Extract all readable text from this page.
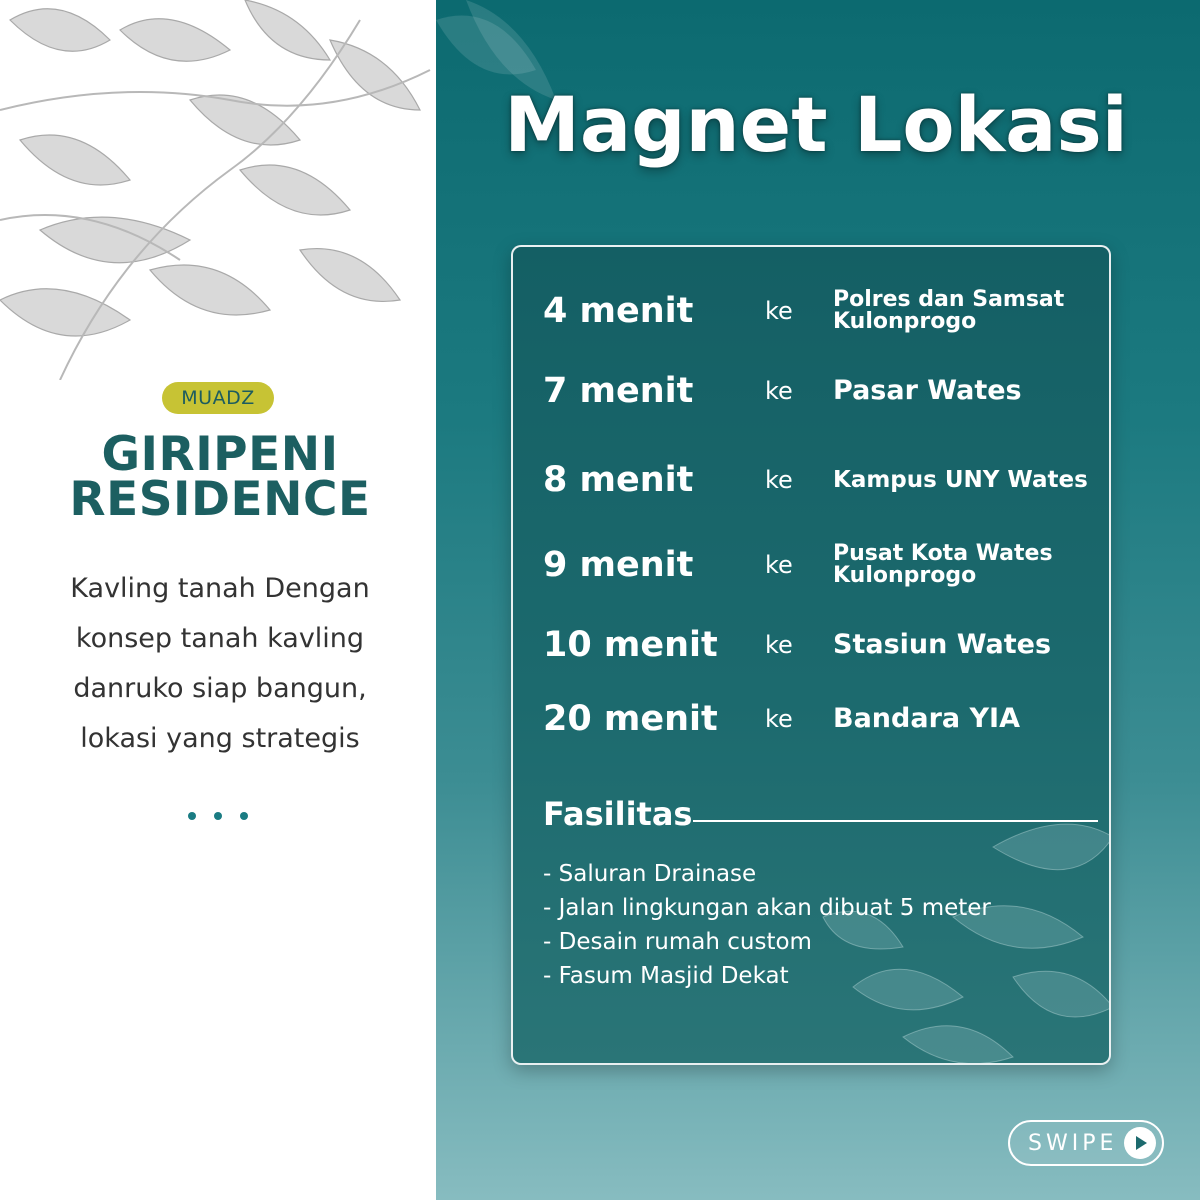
MUADZ
GIRIPENI
RESIDENCE
Kavling tanah Dengan
konsep tanah kavling
danruko siap bangun,
lokasi yang strategis
Magnet Lokasi
4 menit	ke	Polres dan Samsat Kulonprogo
7 menit	ke	Pasar Wates
8 menit	ke	Kampus UNY Wates
9 menit	ke	Pusat Kota Wates Kulonprogo
10 menit	ke	Stasiun Wates
20 menit	ke	Bandara YIA
Fasilitas
- Saluran Drainase
- Jalan lingkungan akan dibuat 5 meter
- Desain rumah custom
- Fasum Masjid Dekat
SWIPE
